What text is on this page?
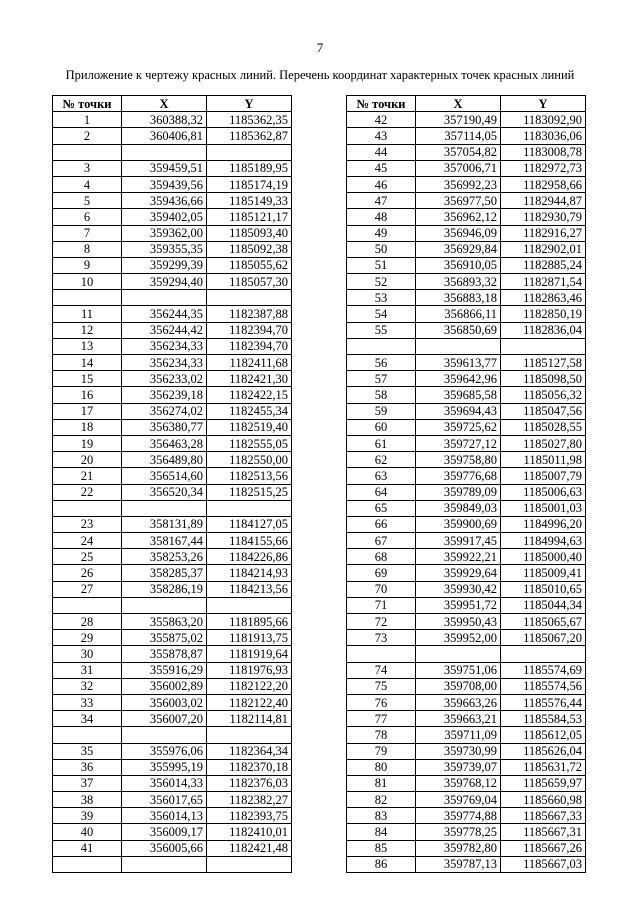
7
Приложение к чертежу красных линий. Перечень координат характерных точек красных линий
№ точки	X	Y
1	360388,32	1185362,35
2	360406,81	1185362,87

3	359459,51	1185189,95
4	359439,56	1185174,19
5	359436,66	1185149,33
6	359402,05	1185121,17
7	359362,00	1185093,40
8	359355,35	1185092,38
9	359299,39	1185055,62
10	359294,40	1185057,30

11	356244,35	1182387,88
12	356244,42	1182394,70
13	356234,33	1182394,70
14	356234,33	1182411,68
15	356233,02	1182421,30
16	356239,18	1182422,15
17	356274,02	1182455,34
18	356380,77	1182519,40
19	356463,28	1182555,05
20	356489,80	1182550,00
21	356514,60	1182513,56
22	356520,34	1182515,25

23	358131,89	1184127,05
24	358167,44	1184155,66
25	358253,26	1184226,86
26	358285,37	1184214,93
27	358286,19	1184213,56

28	355863,20	1181895,66
29	355875,02	1181913,75
30	355878,87	1181919,64
31	355916,29	1181976,93
32	356002,89	1182122,20
33	356003,02	1182122,40
34	356007,20	1182114,81

35	355976,06	1182364,34
36	355995,19	1182370,18
37	356014,33	1182376,03
38	356017,65	1182382,27
39	356014,13	1182393,75
40	356009,17	1182410,01
41	356005,66	1182421,48

№ точки	X	Y
42	357190,49	1183092,90
43	357114,05	1183036,06
44	357054,82	1183008,78
45	357006,71	1182972,73
46	356992,23	1182958,66
47	356977,50	1182944,87
48	356962,12	1182930,79
49	356946,09	1182916,27
50	356929,84	1182902,01
51	356910,05	1182885,24
52	356893,32	1182871,54
53	356883,18	1182863,46
54	356866,11	1182850,19
55	356850,69	1182836,04

56	359613,77	1185127,58
57	359642,96	1185098,50
58	359685,58	1185056,32
59	359694,43	1185047,56
60	359725,62	1185028,55
61	359727,12	1185027,80
62	359758,80	1185011,98
63	359776,68	1185007,79
64	359789,09	1185006,63
65	359849,03	1185001,03
66	359900,69	1184996,20
67	359917,45	1184994,63
68	359922,21	1185000,40
69	359929,64	1185009,41
70	359930,42	1185010,65
71	359951,72	1185044,34
72	359950,43	1185065,67
73	359952,00	1185067,20

74	359751,06	1185574,69
75	359708,00	1185574,56
76	359663,26	1185576,44
77	359663,21	1185584,53
78	359711,09	1185612,05
79	359730,99	1185626,04
80	359739,07	1185631,72
81	359768,12	1185659,97
82	359769,04	1185660,98
83	359774,88	1185667,33
84	359778,25	1185667,31
85	359782,80	1185667,26
86	359787,13	1185667,03
